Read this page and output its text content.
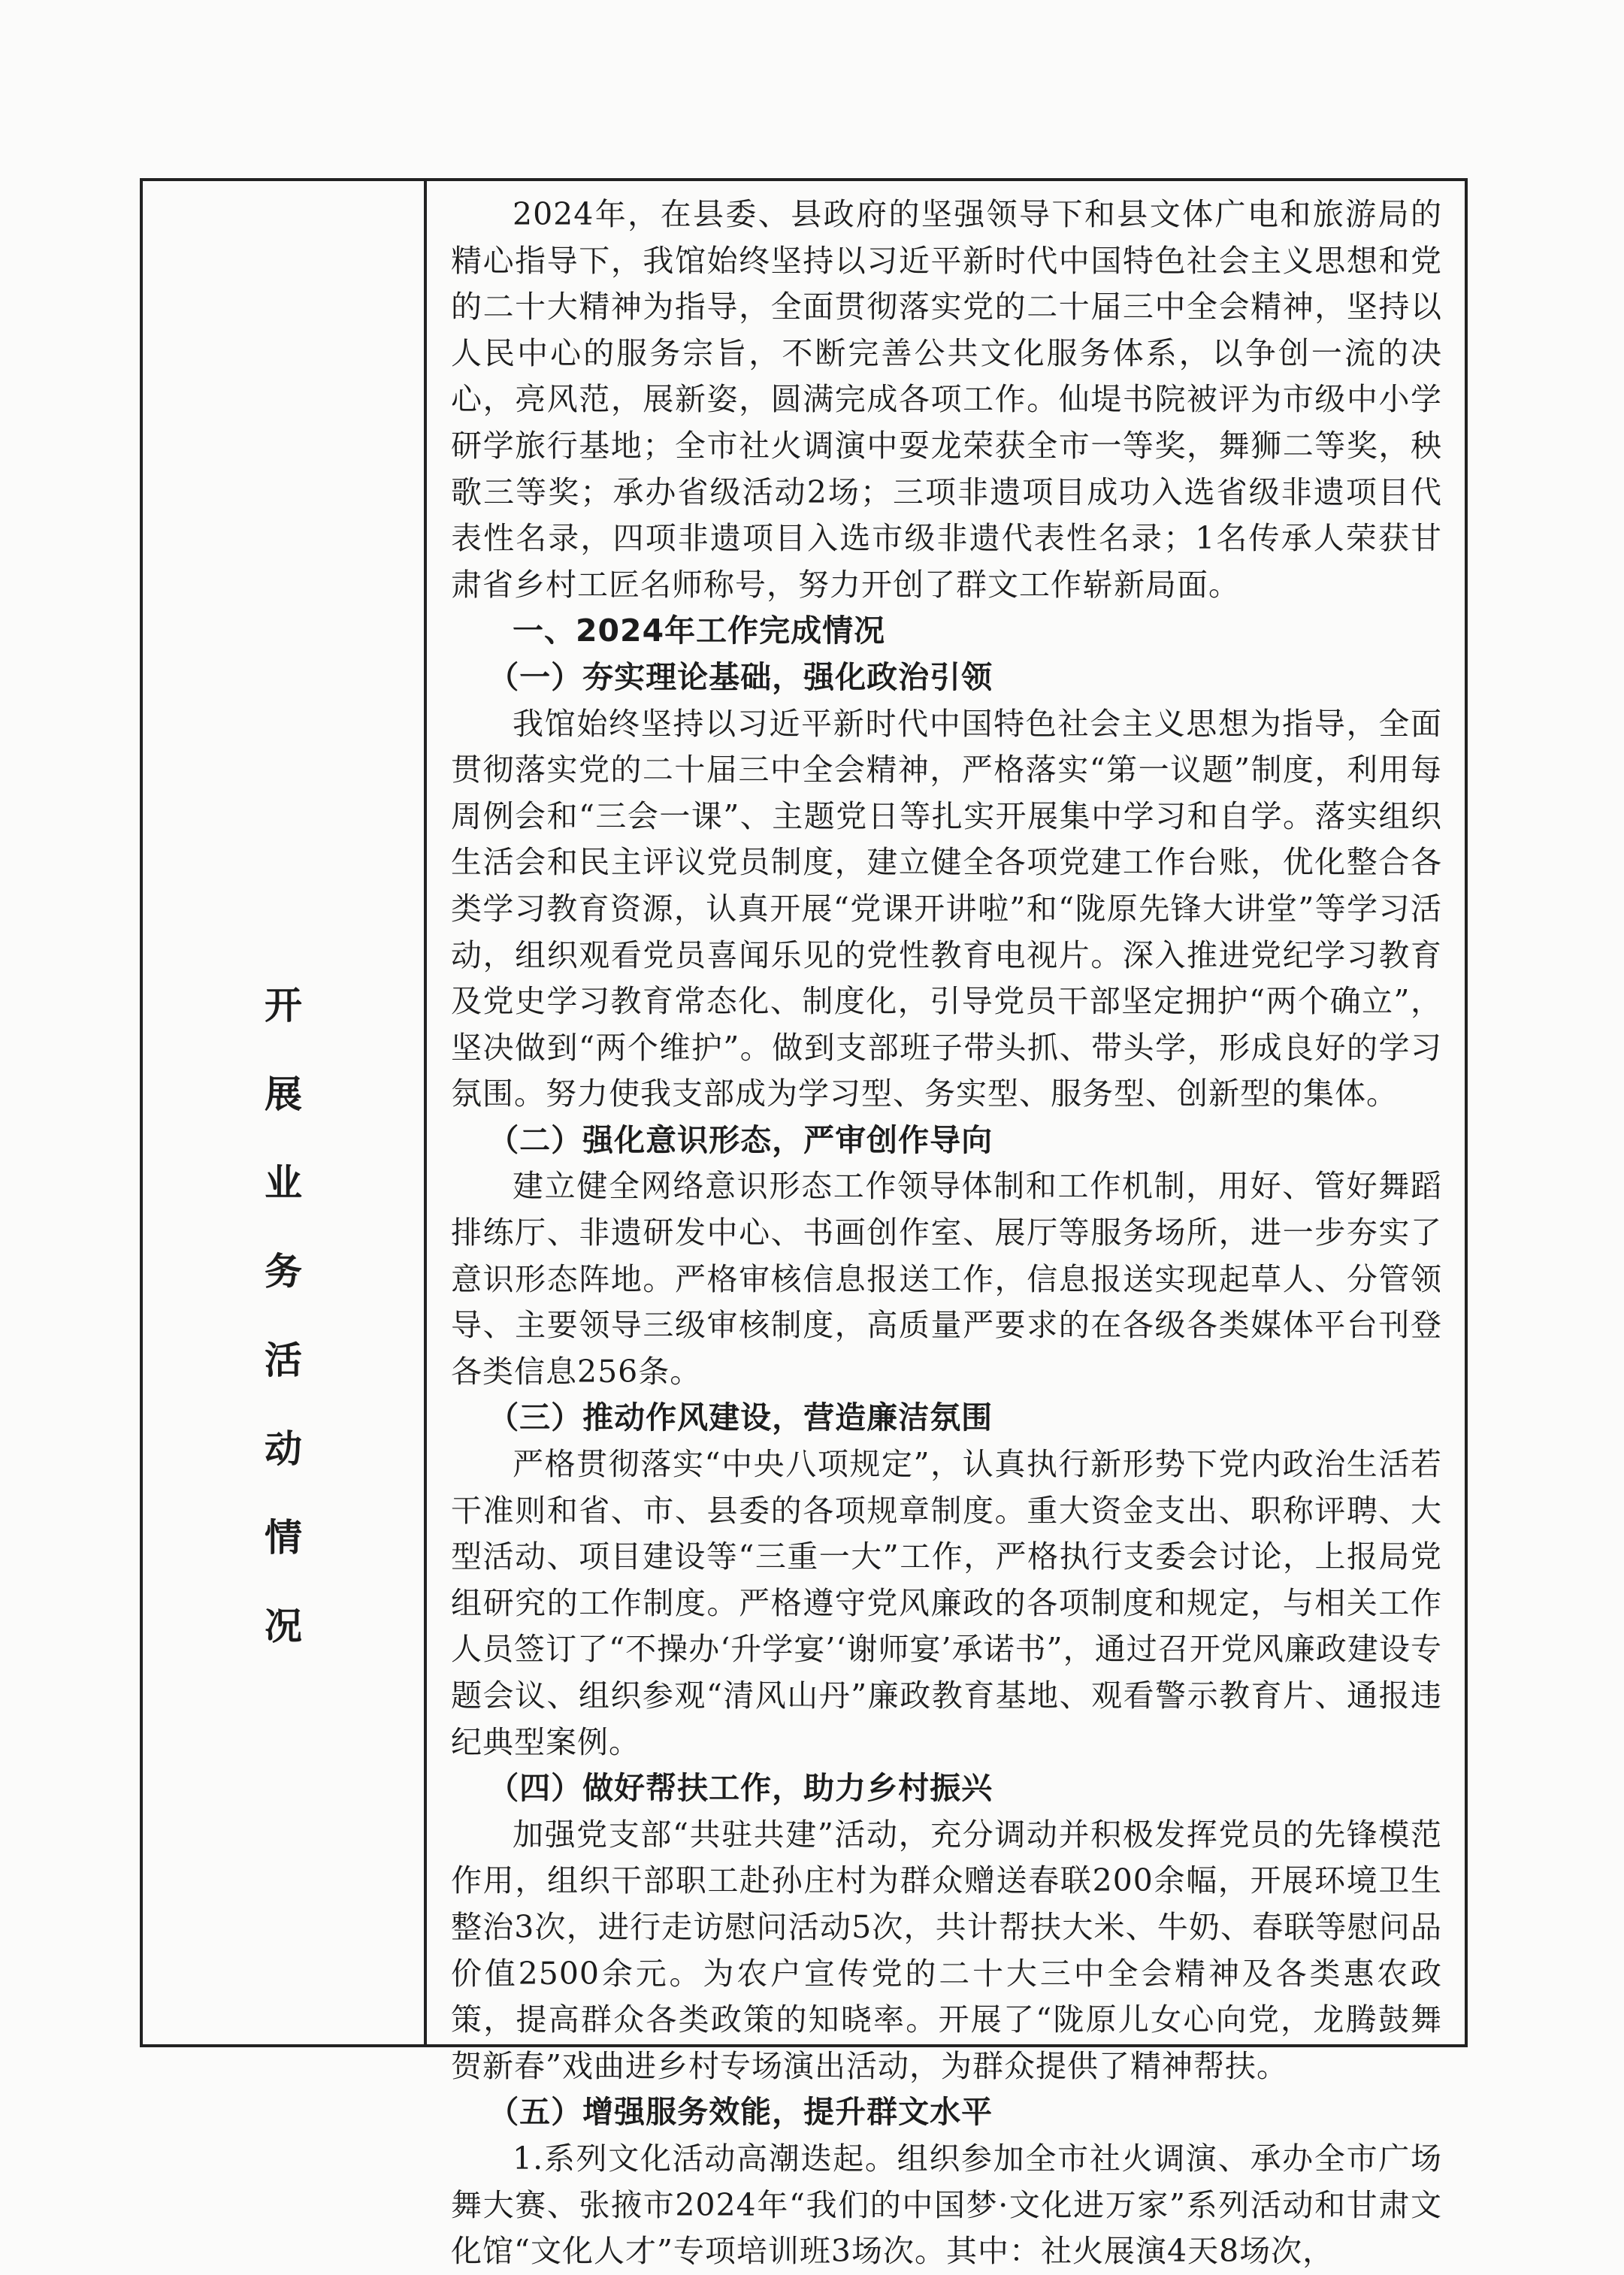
开
展
业
务
活
动
情
况

2024年，在县委、县政府的坚强领导下和县文体广电和旅游局的精心指导下，我馆始终坚持以习近平新时代中国特色社会主义思想和党的二十大精神为指导，全面贯彻落实党的二十届三中全会精神，坚持以人民中心的服务宗旨，不断完善公共文化服务体系，以争创一流的决心，亮风范，展新姿，圆满完成各项工作。仙堤书院被评为市级中小学研学旅行基地；全市社火调演中耍龙荣获全市一等奖，舞狮二等奖，秧歌三等奖；承办省级活动2场；三项非遗项目成功入选省级非遗项目代表性名录，四项非遗项目入选市级非遗代表性名录；1名传承人荣获甘肃省乡村工匠名师称号，努力开创了群文工作崭新局面。

一、2024年工作完成情况

（一）夯实理论基础，强化政治引领

我馆始终坚持以习近平新时代中国特色社会主义思想为指导，全面贯彻落实党的二十届三中全会精神，严格落实“第一议题”制度，利用每周例会和“三会一课”、主题党日等扎实开展集中学习和自学。落实组织生活会和民主评议党员制度，建立健全各项党建工作台账，优化整合各类学习教育资源，认真开展“党课开讲啦”和“陇原先锋大讲堂”等学习活动，组织观看党员喜闻乐见的党性教育电视片。深入推进党纪学习教育及党史学习教育常态化、制度化，引导党员干部坚定拥护“两个确立”，坚决做到“两个维护”。做到支部班子带头抓、带头学，形成良好的学习氛围。努力使我支部成为学习型、务实型、服务型、创新型的集体。

（二）强化意识形态，严审创作导向

建立健全网络意识形态工作领导体制和工作机制，用好、管好舞蹈排练厅、非遗研发中心、书画创作室、展厅等服务场所，进一步夯实了意识形态阵地。严格审核信息报送工作，信息报送实现起草人、分管领导、主要领导三级审核制度，高质量严要求的在各级各类媒体平台刊登各类信息256条。

（三）推动作风建设，营造廉洁氛围

严格贯彻落实“中央八项规定”，认真执行新形势下党内政治生活若干准则和省、市、县委的各项规章制度。重大资金支出、职称评聘、大型活动、项目建设等“三重一大”工作，严格执行支委会讨论，上报局党组研究的工作制度。严格遵守党风廉政的各项制度和规定，与相关工作人员签订了“不操办‘升学宴’‘谢师宴’承诺书”，通过召开党风廉政建设专题会议、组织参观“清风山丹”廉政教育基地、观看警示教育片、通报违纪典型案例。

（四）做好帮扶工作，助力乡村振兴

加强党支部“共驻共建”活动，充分调动并积极发挥党员的先锋模范作用，组织干部职工赴孙庄村为群众赠送春联200余幅，开展环境卫生整治3次，进行走访慰问活动5次，共计帮扶大米、牛奶、春联等慰问品价值2500余元。为农户宣传党的二十大三中全会精神及各类惠农政策，提高群众各类政策的知晓率。开展了“陇原儿女心向党，龙腾鼓舞贺新春”戏曲进乡村专场演出活动，为群众提供了精神帮扶。

（五）增强服务效能，提升群文水平

1.系列文化活动高潮迭起。组织参加全市社火调演、承办全市广场舞大赛、张掖市2024年“我们的中国梦·文化进万家”系列活动和甘肃文化馆“文化人才”专项培训班3场次。其中：社火展演4天8场次，
